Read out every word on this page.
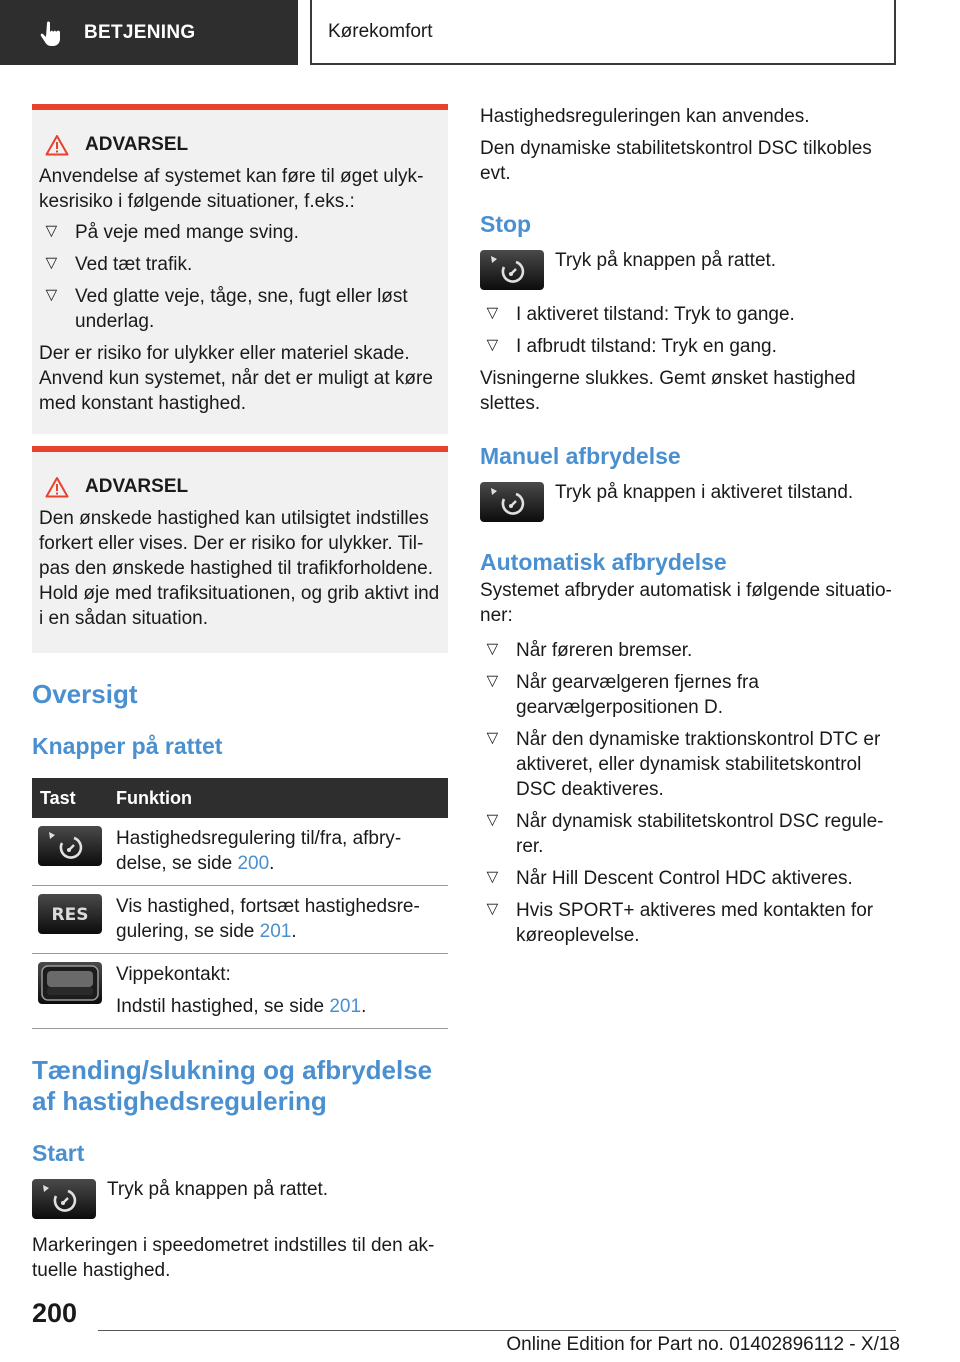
BETJENING	Kørekomfort
ADVARSEL

Anvendelse af systemet kan føre til øget ulykkesrisiko i følgende situationer, f.eks.:

▷ På veje med mange sving.
▷ Ved tæt trafik.
▷ Ved glatte veje, tåge, sne, fugt eller løst underlag.

Der er risiko for ulykker eller materiel skade. Anvend kun systemet, når det er muligt at køre med konstant hastighed.

ADVARSEL

Den ønskede hastighed kan utilsigtet indstilles forkert eller vises. Der er risiko for ulykker. Tilpas den ønskede hastighed til trafikforholdene. Hold øje med trafiksituationen, og grib aktivt ind i en sådan situation.

Oversigt
Knapper på rattet
Tast	Funktion

	Hastighedsregulering til/fra, afbrydelse, se side 200.

RES	Vis hastighed, fortsæt hastighedsregulering, se side 201.

Vippekontakt:
Indstil hastighed, se side 201.
Tænding/slukning og afbrydelse af hastighedsregulering
Start
Tryk på knappen på rattet.

Markeringen i speedometret indstilles til den aktuelle hastighed.

Hastighedsreguleringen kan anvendes.

Den dynamiske stabilitetskontrol DSC tilkobles evt.

Stop
Tryk på knappen på rattet.
▷ I aktiveret tilstand: Tryk to gange.
▷ I afbrudt tilstand: Tryk en gang.

Visningerne slukkes. Gemt ønsket hastighed slettes.

Manuel afbrydelse
Tryk på knappen i aktiveret tilstand.
Automatisk afbrydelse

Systemet afbryder automatisk i følgende situationer:

▷ Når føreren bremser.
▷ Når gearvælgeren fjernes fra gearvælgerpositionen D.
▷ Når den dynamiske traktionskontrol DTC er aktiveret, eller dynamisk stabilitetskontrol DSC deaktiveres.
▷ Når dynamisk stabilitetskontrol DSC regulerer.
▷ Når Hill Descent Control HDC aktiveres.
▷ Hvis SPORT+ aktiveres med kontakten for køreoplevelse.
200
Online Edition for Part no. 01402896112 - X/18
